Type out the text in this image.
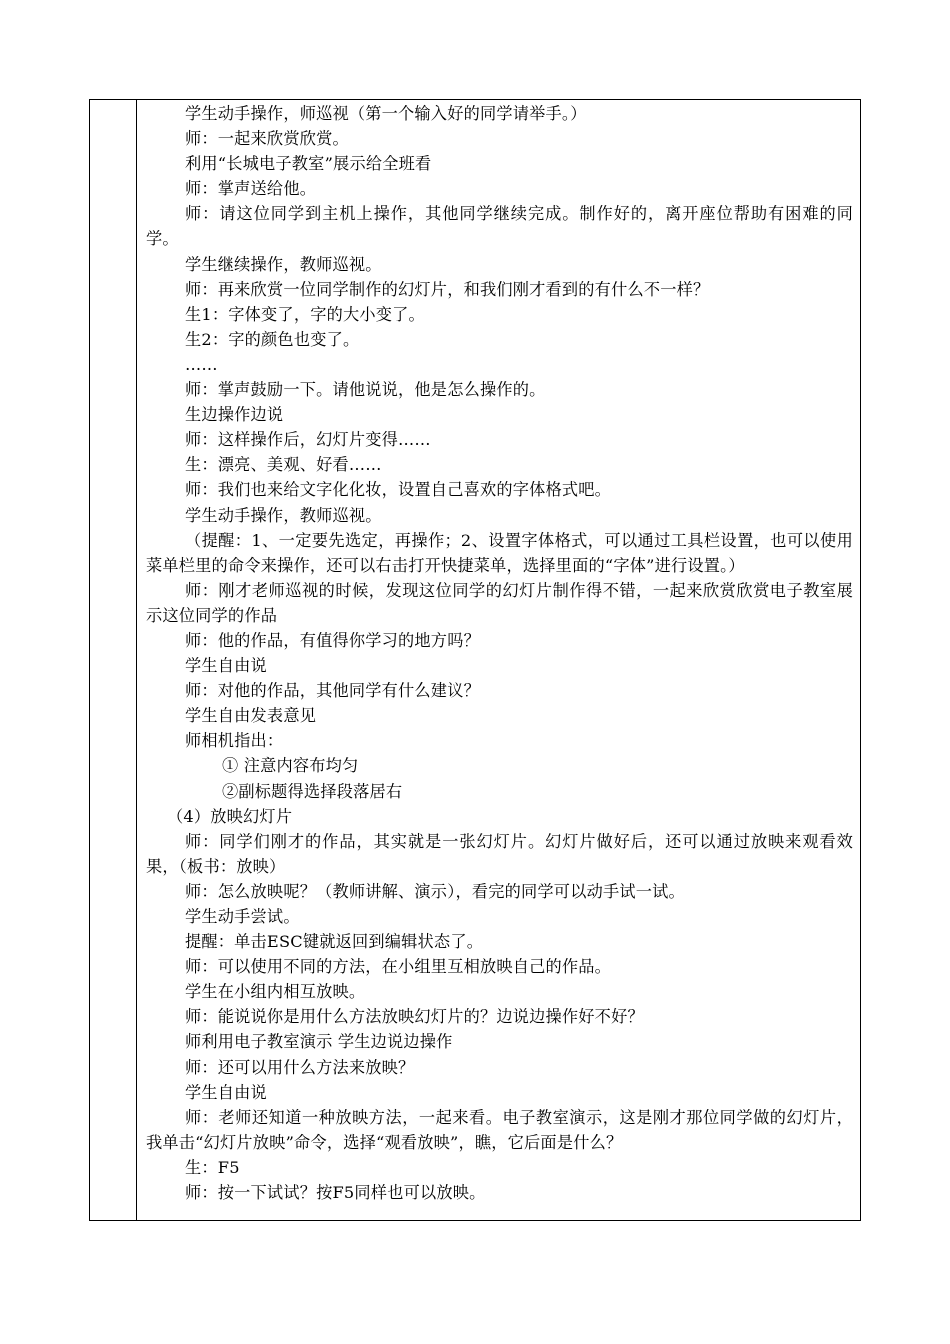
学生动手操作，师巡视（第一个输入好的同学请举手。）
师：一起来欣赏欣赏。
利用“长城电子教室”展示给全班看
师：掌声送给他。
师：请这位同学到主机上操作，其他同学继续完成。制作好的，离开座位帮助有困难的同学。
学生继续操作，教师巡视。
师：再来欣赏一位同学制作的幻灯片，和我们刚才看到的有什么不一样？
生1：字体变了，字的大小变了。
生2：字的颜色也变了。
……
师：掌声鼓励一下。请他说说，他是怎么操作的。
生边操作边说
师：这样操作后，幻灯片变得……
生：漂亮、美观、好看……
师：我们也来给文字化化妆，设置自己喜欢的字体格式吧。
学生动手操作，教师巡视。
（提醒：1、一定要先选定，再操作；2、设置字体格式，可以通过工具栏设置，也可以使用菜单栏里的命令来操作，还可以右击打开快捷菜单，选择里面的“字体”进行设置。）
师：刚才老师巡视的时候，发现这位同学的幻灯片制作得不错，一起来欣赏欣赏电子教室展示这位同学的作品
师：他的作品，有值得你学习的地方吗？
学生自由说
师：对他的作品，其他同学有什么建议？
学生自由发表意见
师相机指出：
① 注意内容布均匀
②副标题得选择段落居右
（4）放映幻灯片
师：同学们刚才的作品，其实就是一张幻灯片。幻灯片做好后，还可以通过放映来观看效果，（板书：放映）
师：怎么放映呢？（教师讲解、演示），看完的同学可以动手试一试。
学生动手尝试。
提醒：单击ESC键就返回到编辑状态了。
师：可以使用不同的方法，在小组里互相放映自己的作品。
学生在小组内相互放映。
师：能说说你是用什么方法放映幻灯片的？边说边操作好不好？
师利用电子教室演示 学生边说边操作
师：还可以用什么方法来放映？
学生自由说
师：老师还知道一种放映方法，一起来看。电子教室演示，这是刚才那位同学做的幻灯片，我单击“幻灯片放映”命令，选择“观看放映”，瞧，它后面是什么？
生：F5
师：按一下试试？按F5同样也可以放映。
